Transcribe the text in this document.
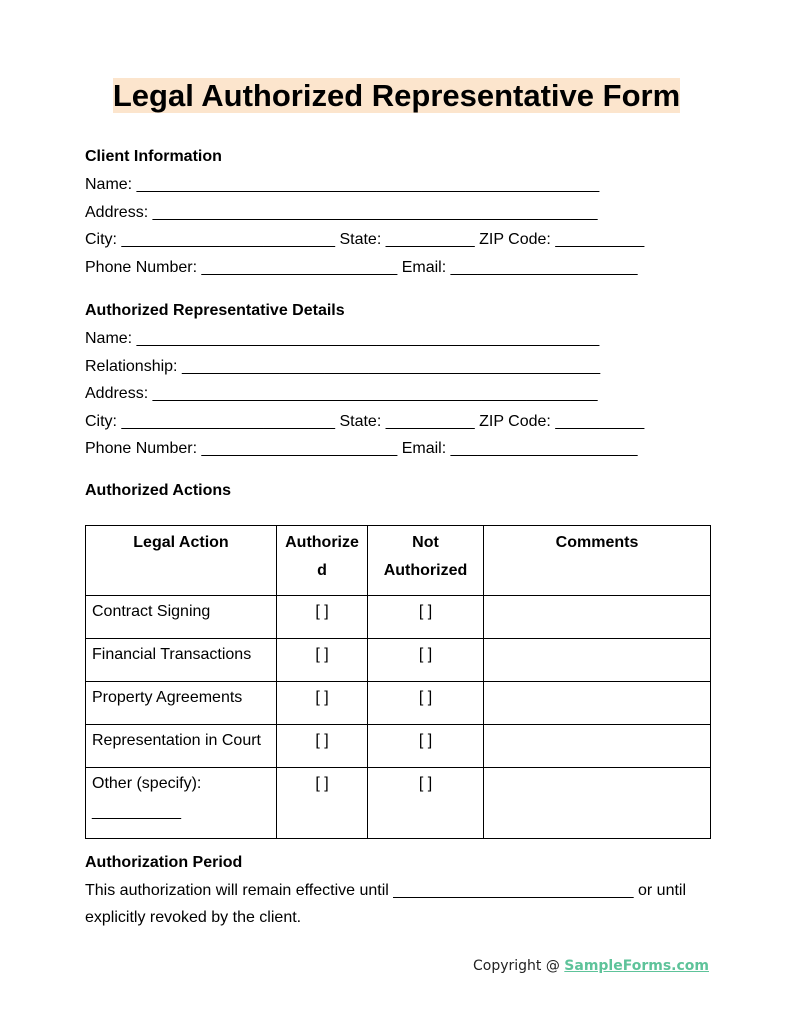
Legal Authorized Representative Form
Client Information
Name: ____________________________________________________
Address: __________________________________________________
City: ________________________ State: __________ ZIP Code: __________
Phone Number: ______________________ Email: _____________________
Authorized Representative Details
Name: ____________________________________________________
Relationship: _______________________________________________
Address: __________________________________________________
City: ________________________ State: __________ ZIP Code: __________
Phone Number: ______________________ Email: _____________________
Authorized Actions
Legal Action	Authorize d	Not Authorized	Comments
Contract Signing	[ ]	[ ]	
Financial Transactions	[ ]	[ ]	
Property Agreements	[ ]	[ ]	
Representation in Court	[ ]	[ ]	
Other (specify): __________	[ ]	[ ]	
Authorization Period
This authorization will remain effective until ___________________________ or until explicitly revoked by the client.
Copyright @ SampleForms.com
